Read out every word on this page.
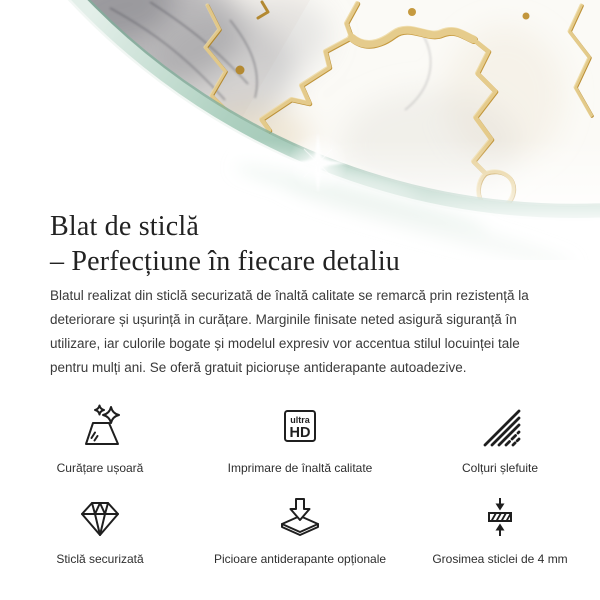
Blat de sticlă
– Perfecțiune în fiecare detaliu

Blatul realizat din sticlă securizată de înaltă calitate se remarcă prin rezistență la deteriorare și ușurință in curățare. Marginile finisate neted asigură siguranță în utilizare, iar culorile bogate și modelul expresiv vor accentua stilul locuinței tale pentru mulți ani. Se oferă gratuit piciorușe antiderapante autoadezive.

Curățare ușoară
ultra
HD
Imprimare de înaltă calitate	Colțuri șlefuite
Sticlă securizată	Picioare antiderapante opționale	Grosimea sticlei de 4 mm
